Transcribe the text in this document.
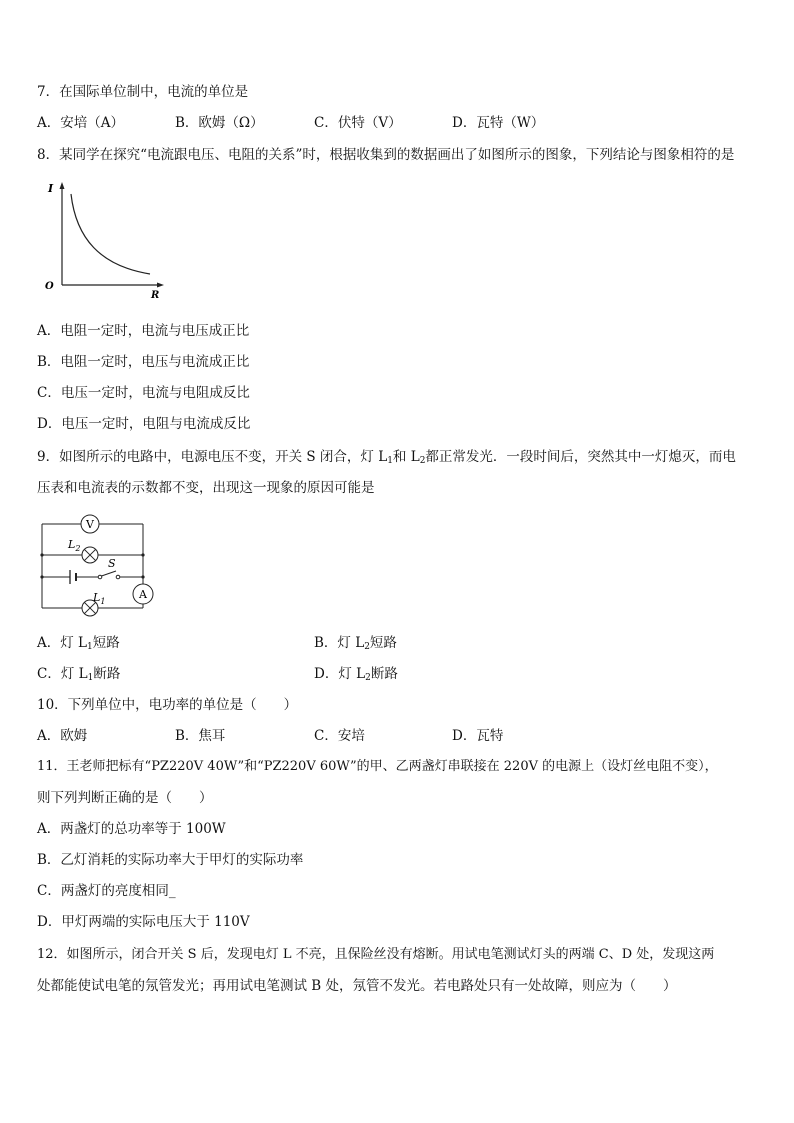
7．在国际单位制中，电流的单位是
A．安培（A）	B．欧姆（Ω）	C．伏特（V）	D．瓦特（W）
8．某同学在探究“电流跟电压、电阻的关系”时，根据收集到的数据画出了如图所示的图象，下列结论与图象相符的是
I
R
O
A．电阻一定时，电流与电压成正比
B．电阻一定时，电压与电流成正比
C．电压一定时，电流与电阻成反比
D．电压一定时，电阻与电流成反比
9．如图所示的电路中，电源电压不变，开关 S 闭合，灯 $L_1$和 $L_2$都正常发光．一段时间后，突然其中一灯熄灭，而电
压表和电流表的示数都不变，出现这一现象的原因可能是
V
A
$L_2$
S
$L_1$
A．灯 $L_1$短路	B．灯 $L_2$短路
C．灯 $L_1$断路	D．灯 $L_2$断路
10．下列单位中，电功率的单位是（　　）
A．欧姆	B．焦耳	C．安培	D．瓦特
11．王老师把标有“PZ220V 40W”和“PZ220V 60W”的甲、乙两盏灯串联接在 220V 的电源上（设灯丝电阻不变），
则下列判断正确的是（　　）
A．两盏灯的总功率等于 100W
B．乙灯消耗的实际功率大于甲灯的实际功率
C．两盏灯的亮度相同_
D．甲灯两端的实际电压大于 110V
12．如图所示，闭合开关 S 后，发现电灯 L 不亮，且保险丝没有熔断。用试电笔测试灯头的两端 C、D 处，发现这两
处都能使试电笔的氖管发光；再用试电笔测试 B 处，氖管不发光。若电路处只有一处故障，则应为（　　）
